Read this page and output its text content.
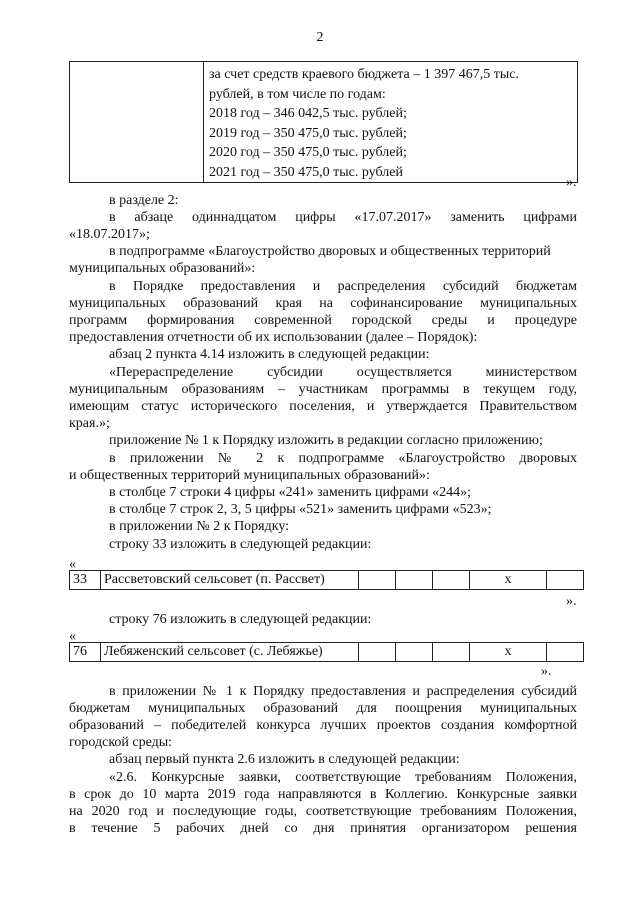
2

за счет средств краевого бюджета – 1 397 467,5 тыс.
рублей, в том числе по годам:
2018 год – 346 042,5 тыс. рублей;
2019 год – 350 475,0 тыс. рублей;
2020 год – 350 475,0 тыс. рублей;
2021 год – 350 475,0 тыс. рублей
».
в разделе 2:
в абзаце одиннадцатом цифры «17.07.2017» заменить цифрами
«18.07.2017»;
в подпрограмме «Благоустройство дворовых и общественных территорий
муниципальных образований»:
в Порядке предоставления и распределения субсидий бюджетам
муниципальных образований края на софинансирование муниципальных
программ формирования современной городской среды и процедуре
предоставления отчетности об их использовании (далее – Порядок):
абзац 2 пункта 4.14 изложить в следующей редакции:
«Перераспределение субсидии осуществляется министерством
муниципальным образованиям – участникам программы в текущем году,
имеющим статус исторического поселения, и утверждается Правительством
края.»;
приложение № 1 к Порядку изложить в редакции согласно приложению;
в приложении № 2 к подпрограмме «Благоустройство дворовых
и общественных территорий муниципальных образований»:
в столбце 7 строки 4 цифры «241» заменить цифрами «244»;
в столбце 7 строк 2, 3, 5 цифры «521» заменить цифрами «523»;
в приложении № 2 к Порядку:
строку 33 изложить в следующей редакции:
«
33	Рассветовский сельсовет (п. Рассвет)				х		
».
строку 76 изложить в следующей редакции:
«
76	Лебяженский сельсовет (с. Лебяжье)				х		
».
в приложении № 1 к Порядку предоставления и распределения субсидий
бюджетам муниципальных образований для поощрения муниципальных
образований – победителей конкурса лучших проектов создания комфортной
городской среды:
абзац первый пункта 2.6 изложить в следующей редакции:
«2.6. Конкурсные заявки, соответствующие требованиям Положения,
в срок до 10 марта 2019 года направляются в Коллегию. Конкурсные заявки
на 2020 год и последующие годы, соответствующие требованиям Положения,
в течение 5 рабочих дней со дня принятия организатором решения
